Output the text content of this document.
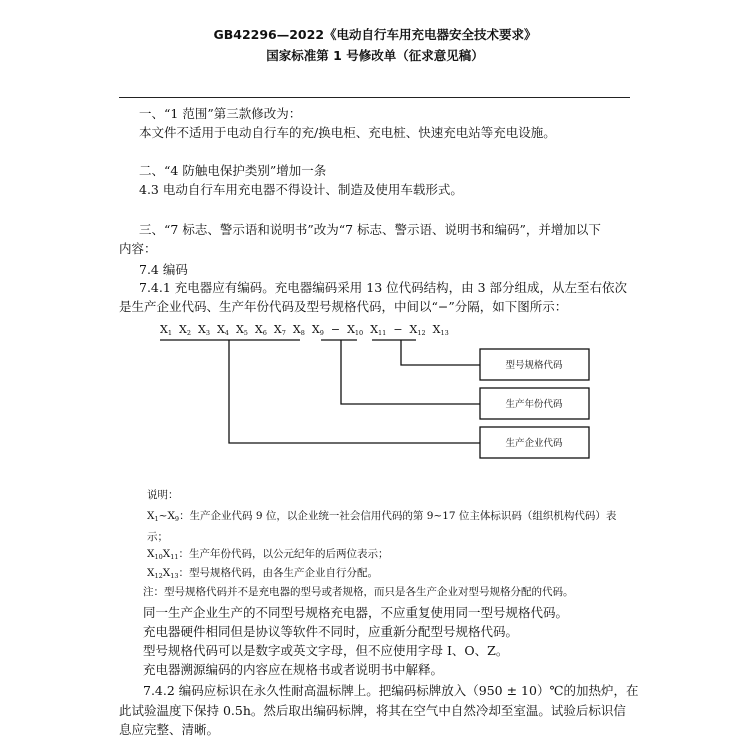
GB42296—2022《电动自行车用充电器安全技术要求》
国家标准第 1 号修改单（征求意见稿）
一、“1 范围”第三款修改为：
本文件不适用于电动自行车的充/换电柜、充电桩、快速充电站等充电设施。
二、“4 防触电保护类别”增加一条
4.3 电动自行车用充电器不得设计、制造及使用车载形式。
三、“7 标志、警示语和说明书”改为“7 标志、警示语、说明书和编码”，并增加以下
内容：
7.4 编码
7.4.1 充电器应有编码。充电器编码采用 13 位代码结构，由 3 部分组成，从左至右依次
是生产企业代码、生产年份代码及型号规格代码，中间以“−”分隔，如下图所示：
$X_1$ $X_2$ $X_3$ $X_4$ $X_5$ $X_6$ $X_7$ $X_8$ $X_9 - X_{10}$ $X_{11} - X_{12}$ $X_{13}$
型号规格代码
生产年份代码
生产企业代码
说明：
$X_1\sim X_9$：生产企业代码 9 位，以企业统一社会信用代码的第 9~17 位主体标识码（组织机构代码）表
示；
$X_{10}X_{11}$：生产年份代码，以公元纪年的后两位表示；
$X_{12}X_{13}$：型号规格代码，由各生产企业自行分配。
注：型号规格代码并不是充电器的型号或者规格，而只是各生产企业对型号规格分配的代码。
同一生产企业生产的不同型号规格充电器，不应重复使用同一型号规格代码。
充电器硬件相同但是协议等软件不同时，应重新分配型号规格代码。
型号规格代码可以是数字或英文字母，但不应使用字母 I、O、Z。
充电器溯源编码的内容应在规格书或者说明书中解释。
7.4.2 编码应标识在永久性耐高温标牌上。把编码标牌放入（950 ± 10）℃的加热炉，在
此试验温度下保持 0.5h。然后取出编码标牌，将其在空气中自然冷却至室温。试验后标识信
息应完整、清晰。
